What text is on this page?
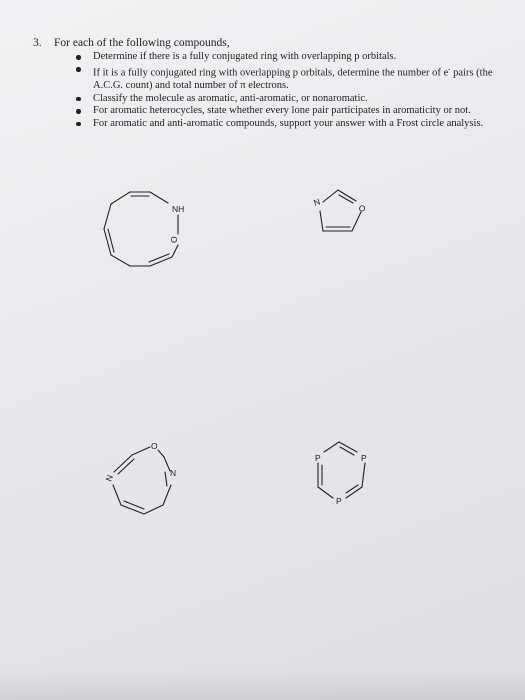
3. For each of the following compounds,
Determine if there is a fully conjugated ring with overlapping p orbitals.
If it is a fully conjugated ring with overlapping p orbitals, determine the number of e- pairs (the A.C.G. count) and total number of π electrons.
Classify the molecule as aromatic, anti-aromatic, or nonaromatic.
For aromatic heterocycles, state whether every lone pair participates in aromaticity or not.
For aromatic and anti-aromatic compounds, support your answer with a Frost circle analysis.
NH
O
N
O
O
N
N
P	P
P
